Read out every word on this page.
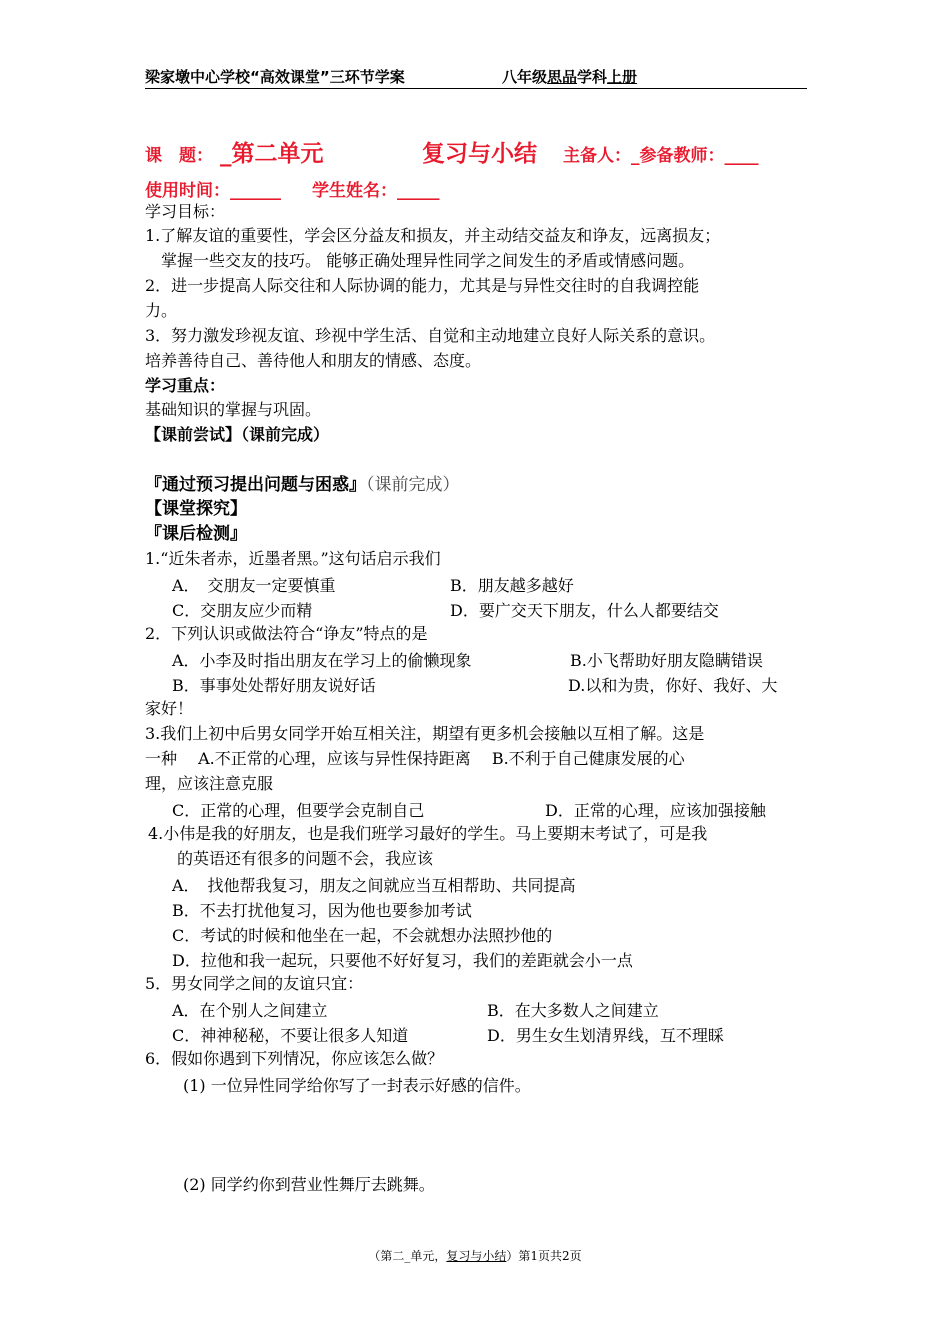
梁家墩中心学校“高效课堂”三环节学案	八年级思品学科上册
课　题： _第二单元	复习与小结 主备人：_参备教师：____
使用时间：______ 学生姓名：_____
学习目标：
1.了解友谊的重要性，学会区分益友和损友，并主动结交益友和诤友，远离损友；
　掌握一些交友的技巧。 能够正确处理异性同学之间发生的矛盾或情感问题。
2．进一步提高人际交往和人际协调的能力，尤其是与异性交往时的自我调控能
力。
3．努力激发珍视友谊、珍视中学生活、自觉和主动地建立良好人际关系的意识。
培养善待自己、善待他人和朋友的情感、态度。
学习重点：
基础知识的掌握与巩固。
【课前尝试】（课前完成）
『通过预习提出问题与困惑』（课前完成）
【课堂探究】
『课后检测』
1.“近朱者赤，近墨者黑。”这句话启示我们
A．　交朋友一定要慎重	B．朋友越多越好
C．交朋友应少而精	D．要广交天下朋友，什么人都要结交
2．下列认识或做法符合“诤友”特点的是
A．小李及时指出朋友在学习上的偷懒现象	B.小飞帮助好朋友隐瞒错误
B．事事处处帮好朋友说好话	D.以和为贵，你好、我好、大
家好！
3.我们上初中后男女同学开始互相关注，期望有更多机会接触以互相了解。这是
一种　 A.不正常的心理，应该与异性保持距离　 B.不利于自己健康发展的心
理，应该注意克服
C．正常的心理，但要学会克制自己	D．正常的心理，应该加强接触
4.小伟是我的好朋友，也是我们班学习最好的学生。马上要期末考试了，可是我
的英语还有很多的问题不会，我应该
A．　找他帮我复习，朋友之间就应当互相帮助、共同提高
B．不去打扰他复习，因为他也要参加考试
C．考试的时候和他坐在一起，不会就想办法照抄他的
D．拉他和我一起玩，只要他不好好复习，我们的差距就会小一点
5．男女同学之间的友谊只宜：
A．在个别人之间建立	B．在大多数人之间建立
C．神神秘秘，不要让很多人知道	D．男生女生划清界线，互不理睬
6．假如你遇到下列情况，你应该怎么做？
(1) 一位异性同学给你写了一封表示好感的信件。
(2) 同学约你到营业性舞厅去跳舞。
（第二_单元，复习与小结）第1页共2页
